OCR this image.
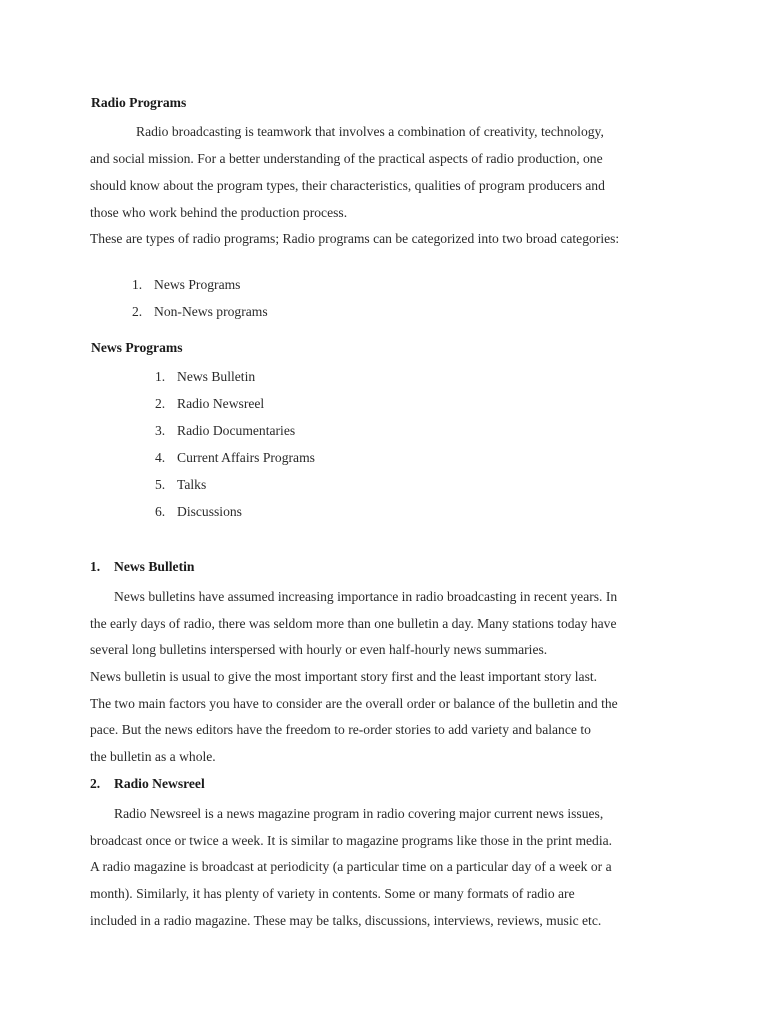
Radio Programs
Radio broadcasting is teamwork that involves a combination of creativity, technology,
and social mission. For a better understanding of the practical aspects of radio production, one
should know about the program types, their characteristics, qualities of program producers and
those who work behind the production process.
These are types of radio programs; Radio programs can be categorized into two broad categories:
1. News Programs
2. Non-News programs
News Programs
1. News Bulletin
2. Radio Newsreel
3. Radio Documentaries
4. Current Affairs Programs
5. Talks
6. Discussions
1. News Bulletin
News bulletins have assumed increasing importance in radio broadcasting in recent years. In
the early days of radio, there was seldom more than one bulletin a day. Many stations today have
several long bulletins interspersed with hourly or even half-hourly news summaries.
News bulletin is usual to give the most important story first and the least important story last.
The two main factors you have to consider are the overall order or balance of the bulletin and the
pace. But the news editors have the freedom to re-order stories to add variety and balance to
the bulletin as a whole.
2. Radio Newsreel
Radio Newsreel is a news magazine program in radio covering major current news issues,
broadcast once or twice a week. It is similar to magazine programs like those in the print media.
A radio magazine is broadcast at periodicity (a particular time on a particular day of a week or a
month). Similarly, it has plenty of variety in contents. Some or many formats of radio are
included in a radio magazine. These may be talks, discussions, interviews, reviews, music etc.
